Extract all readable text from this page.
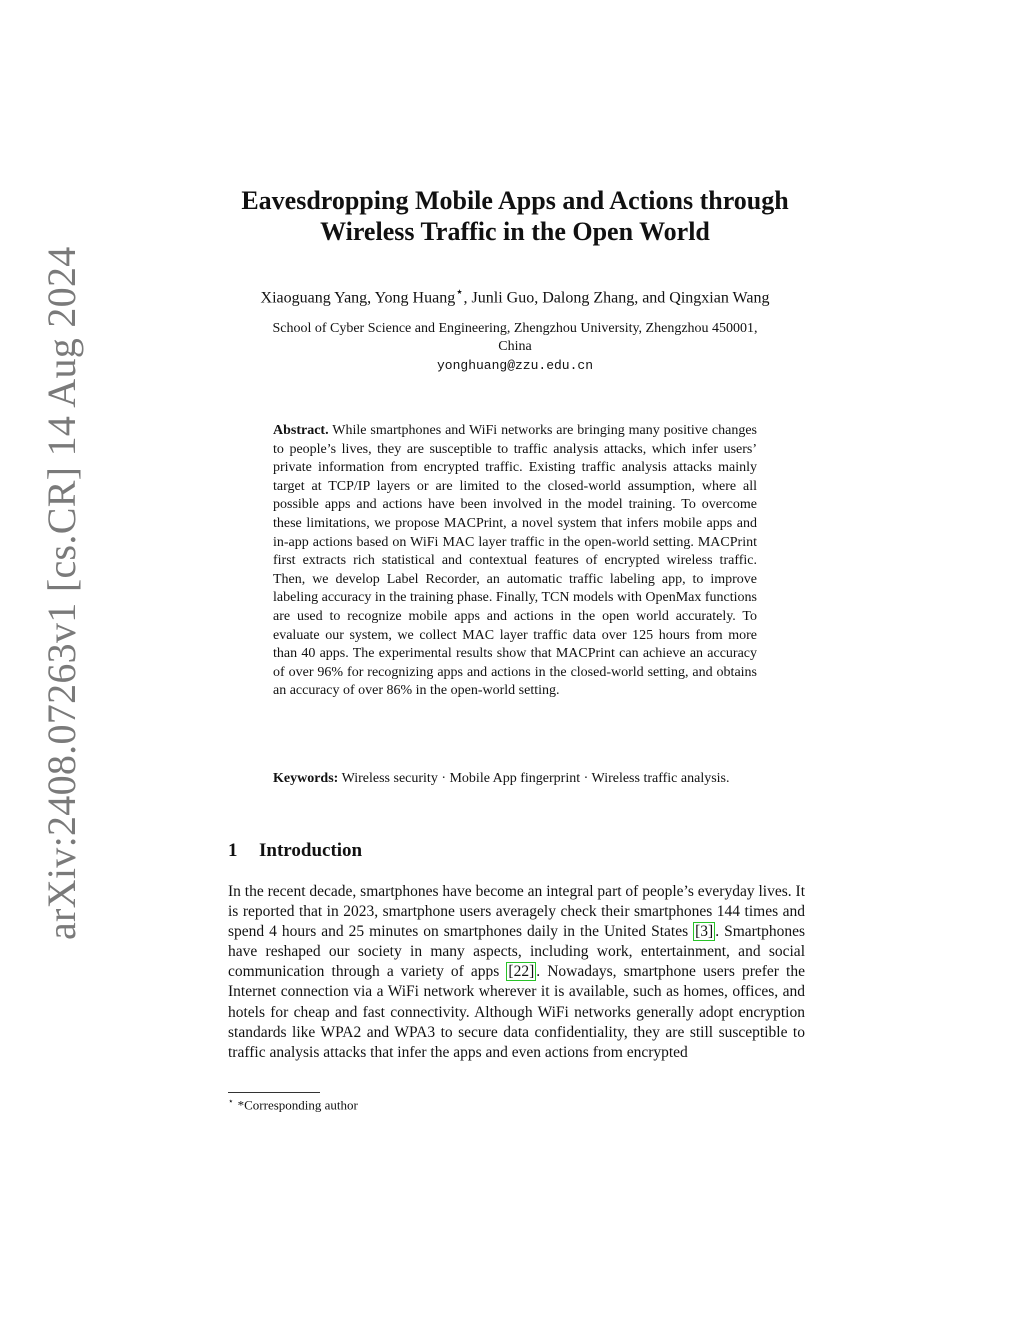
arXiv:2408.07263v1 [cs.CR] 14 Aug 2024
Eavesdropping Mobile Apps and Actions through
Wireless Traffic in the Open World
Xiaoguang Yang, Yong Huang⋆, Junli Guo, Dalong Zhang, and Qingxian Wang
School of Cyber Science and Engineering, Zhengzhou University, Zhengzhou 450001,
China
yonghuang@zzu.edu.cn
Abstract. While smartphones and WiFi networks are bringing many positive changes to people’s lives, they are susceptible to traffic analysis attacks, which infer users’ private information from encrypted traffic. Existing traffic analysis attacks mainly target at TCP/IP layers or are limited to the closed-world assumption, where all possible apps and actions have been involved in the model training. To overcome these limitations, we propose MACPrint, a novel system that infers mobile apps and in-app actions based on WiFi MAC layer traffic in the open-world setting. MACPrint first extracts rich statistical and contextual features of encrypted wireless traffic. Then, we develop Label Recorder, an automatic traffic labeling app, to improve labeling accuracy in the training phase. Finally, TCN models with OpenMax functions are used to recognize mobile apps and actions in the open world accurately. To evaluate our system, we collect MAC layer traffic data over 125 hours from more than 40 apps. The experimental results show that MACPrint can achieve an accuracy of over 96% for recognizing apps and actions in the closed-world setting, and obtains an accuracy of over 86% in the open-world setting.
Keywords: Wireless security · Mobile App fingerprint · Wireless traffic analysis.
1 Introduction
In the recent decade, smartphones have become an integral part of people’s everyday lives. It is reported that in 2023, smartphone users averagely check their smartphones 144 times and spend 4 hours and 25 minutes on smartphones daily in the United States [3] . Smartphones have reshaped our society in many aspects, including work, entertainment, and social communication through a variety of apps [22] . Nowadays, smartphone users prefer the Internet connection via a WiFi network wherever it is available, such as homes, offices, and hotels for cheap and fast connectivity. Although WiFi networks generally adopt encryption standards like WPA2 and WPA3 to secure data confidentiality, they are still susceptible to traffic analysis attacks that infer the apps and even actions from encrypted
⋆ *Corresponding author
